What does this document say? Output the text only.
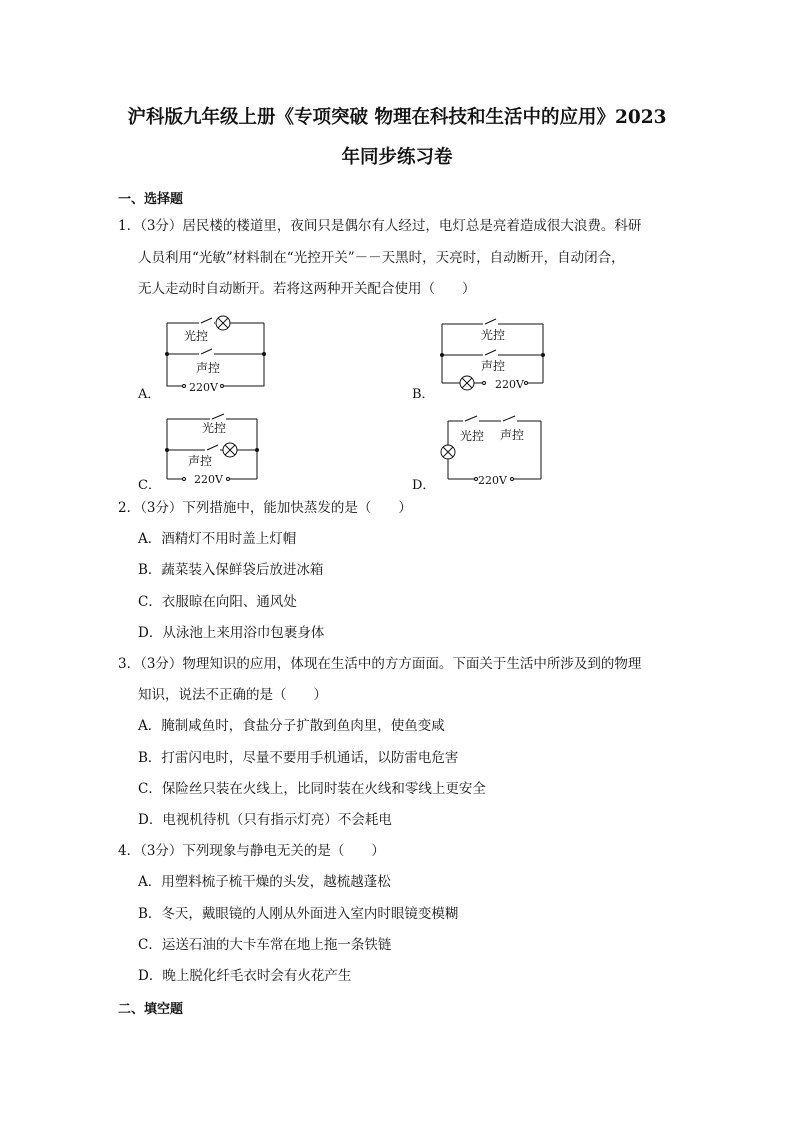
沪科版九年级上册《专项突破 物理在科技和生活中的应用》2023
年同步练习卷
一、选择题
1．（3分）居民楼的楼道里，夜间只是偶尔有人经过，电灯总是亮着造成很大浪费。科研
人员利用“光敏”材料制在“光控开关”－－天黑时，天亮时，自动断开，自动闭合，
无人走动时自动断开。若将这两种开关配合使用（　　）
A．
光控
声控
220V	B．
光控
声控
220V
C．
光控
声控
220V	D．
光控 声控
220V
2．（3分）下列措施中，能加快蒸发的是（　　）
A．酒精灯不用时盖上灯帽
B．蔬菜装入保鲜袋后放进冰箱
C．衣服晾在向阳、通风处
D．从泳池上来用浴巾包裹身体
3．（3分）物理知识的应用，体现在生活中的方方面面。下面关于生活中所涉及到的物理
知识，说法不正确的是（　　）
A．腌制咸鱼时，食盐分子扩散到鱼肉里，使鱼变咸
B．打雷闪电时，尽量不要用手机通话，以防雷电危害
C．保险丝只装在火线上，比同时装在火线和零线上更安全
D．电视机待机（只有指示灯亮）不会耗电
4．（3分）下列现象与静电无关的是（　　）
A．用塑料梳子梳干燥的头发，越梳越蓬松
B．冬天，戴眼镜的人刚从外面进入室内时眼镜变模糊
C．运送石油的大卡车常在地上拖一条铁链
D．晚上脱化纤毛衣时会有火花产生
二、填空题
